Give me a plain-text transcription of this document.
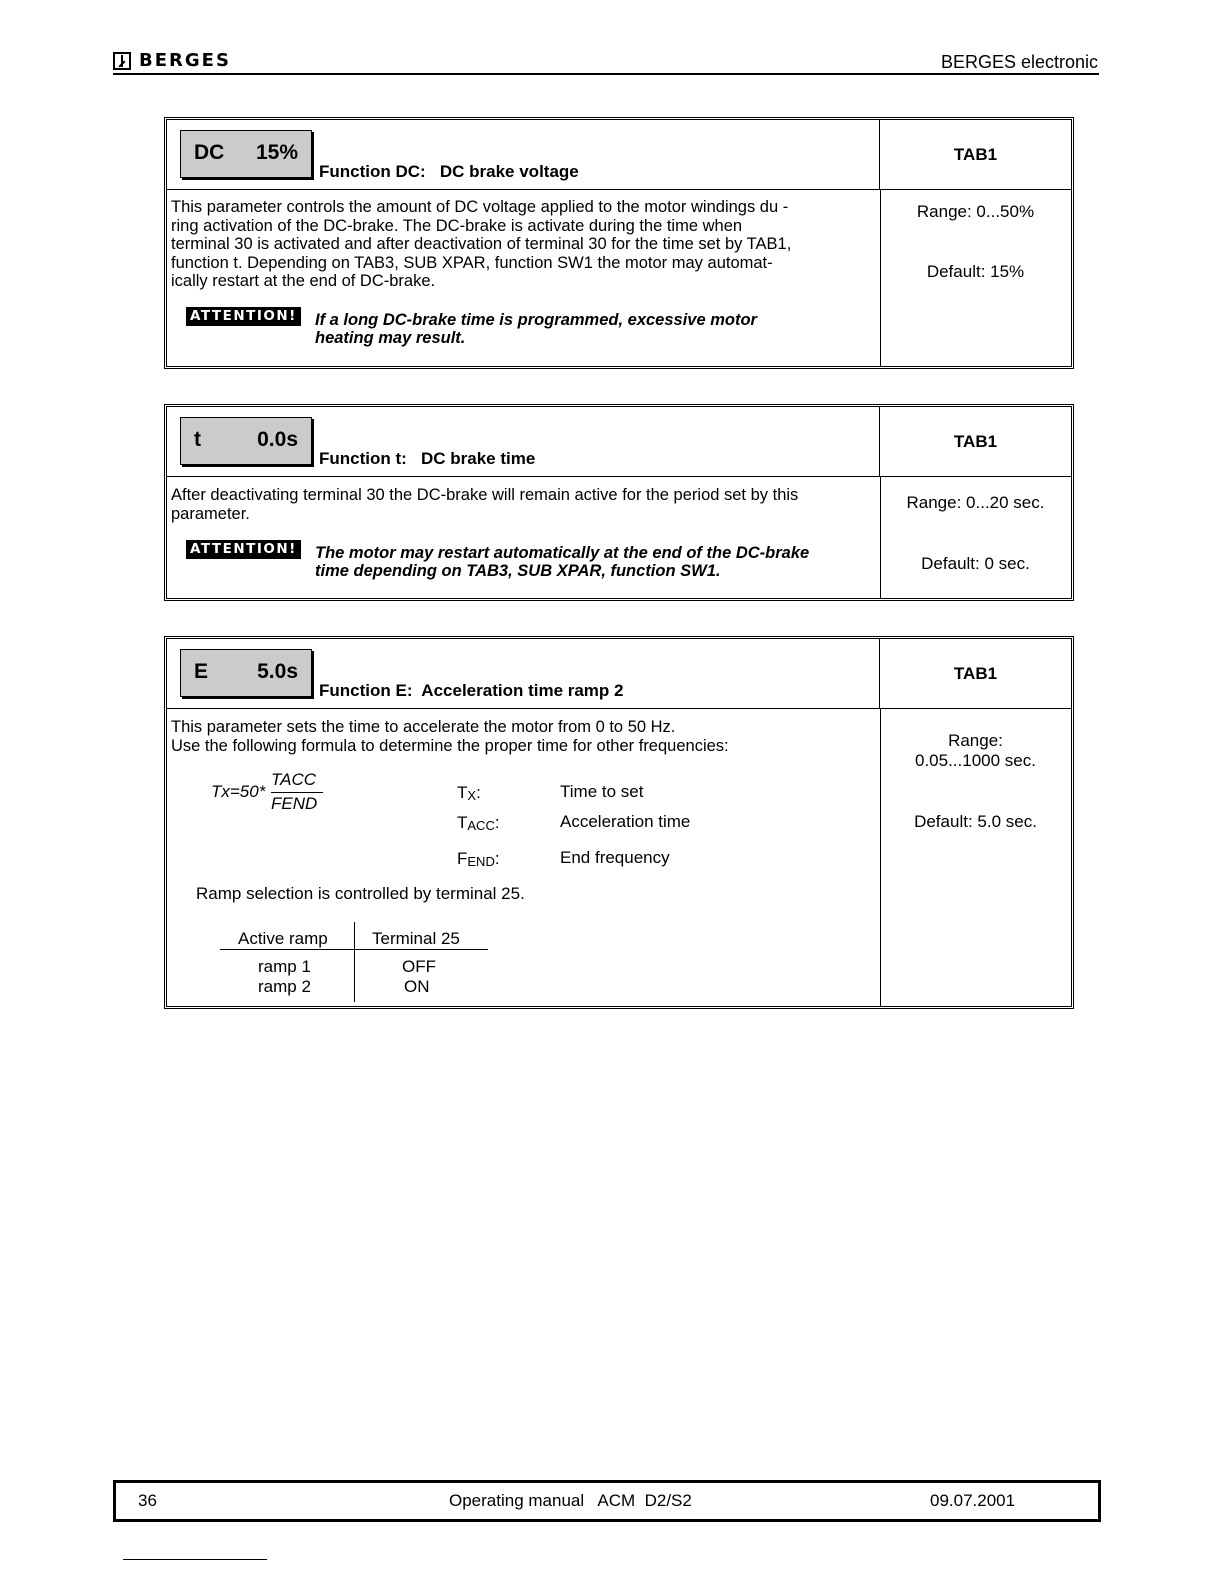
BERGES	BERGES electronic
DC 15%
Function DC:   DC brake voltage
TAB1
This parameter controls the amount of DC voltage applied to the motor windings du -
ring activation of the DC-brake. The DC-brake is activate during the time when
terminal 30 is activated and after deactivation of terminal 30 for the time set by TAB1,
function t. Depending on TAB3, SUB XPAR, function SW1 the motor may automat-
ically restart at the end of DC-brake.
ATTENTION! If a long DC-brake time is programmed, excessive motor
heating may result.
Range: 0...50%
Default: 15%
t	0.0s
Function t:   DC brake time
TAB1
After deactivating terminal 30 the DC-brake will remain active for the period set by this
parameter.
ATTENTION! The motor may restart automatically at the end of the DC-brake
time depending on TAB3, SUB XPAR, function SW1.
Range: 0...20 sec.
Default: 0 sec.
E 5.0s
Function E:  Acceleration time ramp 2
TAB1
This parameter sets the time to accelerate the motor from 0 to 50 Hz.
Use the following formula to determine the proper time for other frequencies:
Tx=50*
TACC
FEND
$T_X$:	Time to set
$T_{ACC}$:	Acceleration time
$F_{END}$:	End frequency
Ramp selection is controlled by terminal 25.
Active ramp	Terminal 25
ramp 1	OFF
ramp 2	ON
Range:
0.05...1000 sec.
Default: 5.0 sec.
36	Operating manual   ACM  D2/S2	09.07.2001
